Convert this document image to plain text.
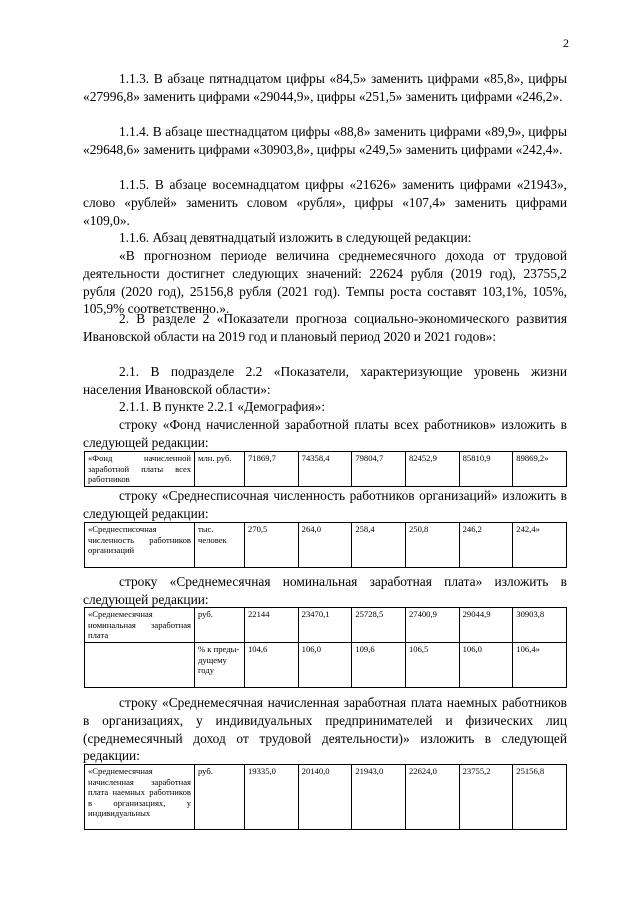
2
1.1.3. В абзаце пятнадцатом цифры «84,5» заменить цифрами «85,8», цифры «27996,8» заменить цифрами «29044,9», цифры «251,5» заменить цифрами «246,2».
1.1.4. В абзаце шестнадцатом цифры «88,8» заменить цифрами «89,9», цифры «29648,6» заменить цифрами «30903,8», цифры «249,5» заменить цифрами «242,4».
1.1.5. В абзаце восемнадцатом цифры «21626» заменить цифрами «21943», слово «рублей» заменить словом «рубля», цифры «107,4» заменить цифрами «109,0».
1.1.6. Абзац девятнадцатый изложить в следующей редакции:
«В прогнозном периоде величина среднемесячного дохода от трудовой деятельности достигнет следующих значений: 22624 рубля (2019 год), 23755,2 рубля (2020 год), 25156,8 рубля (2021 год). Темпы роста составят 103,1%, 105%, 105,9% соответственно.».
2. В разделе 2 «Показатели прогноза социально-экономического развития Ивановской области на 2019 год и плановый период 2020 и 2021 годов»:
2.1. В подразделе 2.2 «Показатели, характеризующие уровень жизни населения Ивановской области»:
2.1.1. В пункте 2.2.1 «Демография»:
строку «Фонд начисленной заработной платы всех работников» изложить в следующей редакции:
«Фонд начисленной заработной платы всех работников	млн. руб.	71869,7	74358,4	79804,7	82452,9	85810,9	89869,2»
строку «Среднесписочная численность работников организаций» изложить в следующей редакции:
«Среднесписочная численность работников организаций	тыс. человек	270,5	264,0	258,4	250,8	246,2	242,4»
строку «Среднемесячная номинальная заработная плата» изложить в следующей редакции:
«Среднемесячная номинальная заработная плата	руб.	22144	23470,1	25728,5	27400,9	29044,9	30903,8
	% к преды-дущему году	104,6	106,0	109,6	106,5	106,0	106,4»
строку «Среднемесячная начисленная заработная плата наемных работников в организациях, у индивидуальных предпринимателей и физических лиц (среднемесячный доход от трудовой деятельности)» изложить в следующей редакции:
«Среднемесячная начисленная заработная плата наемных работников в организациях, у индивидуальных	руб.	19335,0	20140,0	21943,0	22624,0	23755,2	25156,8
